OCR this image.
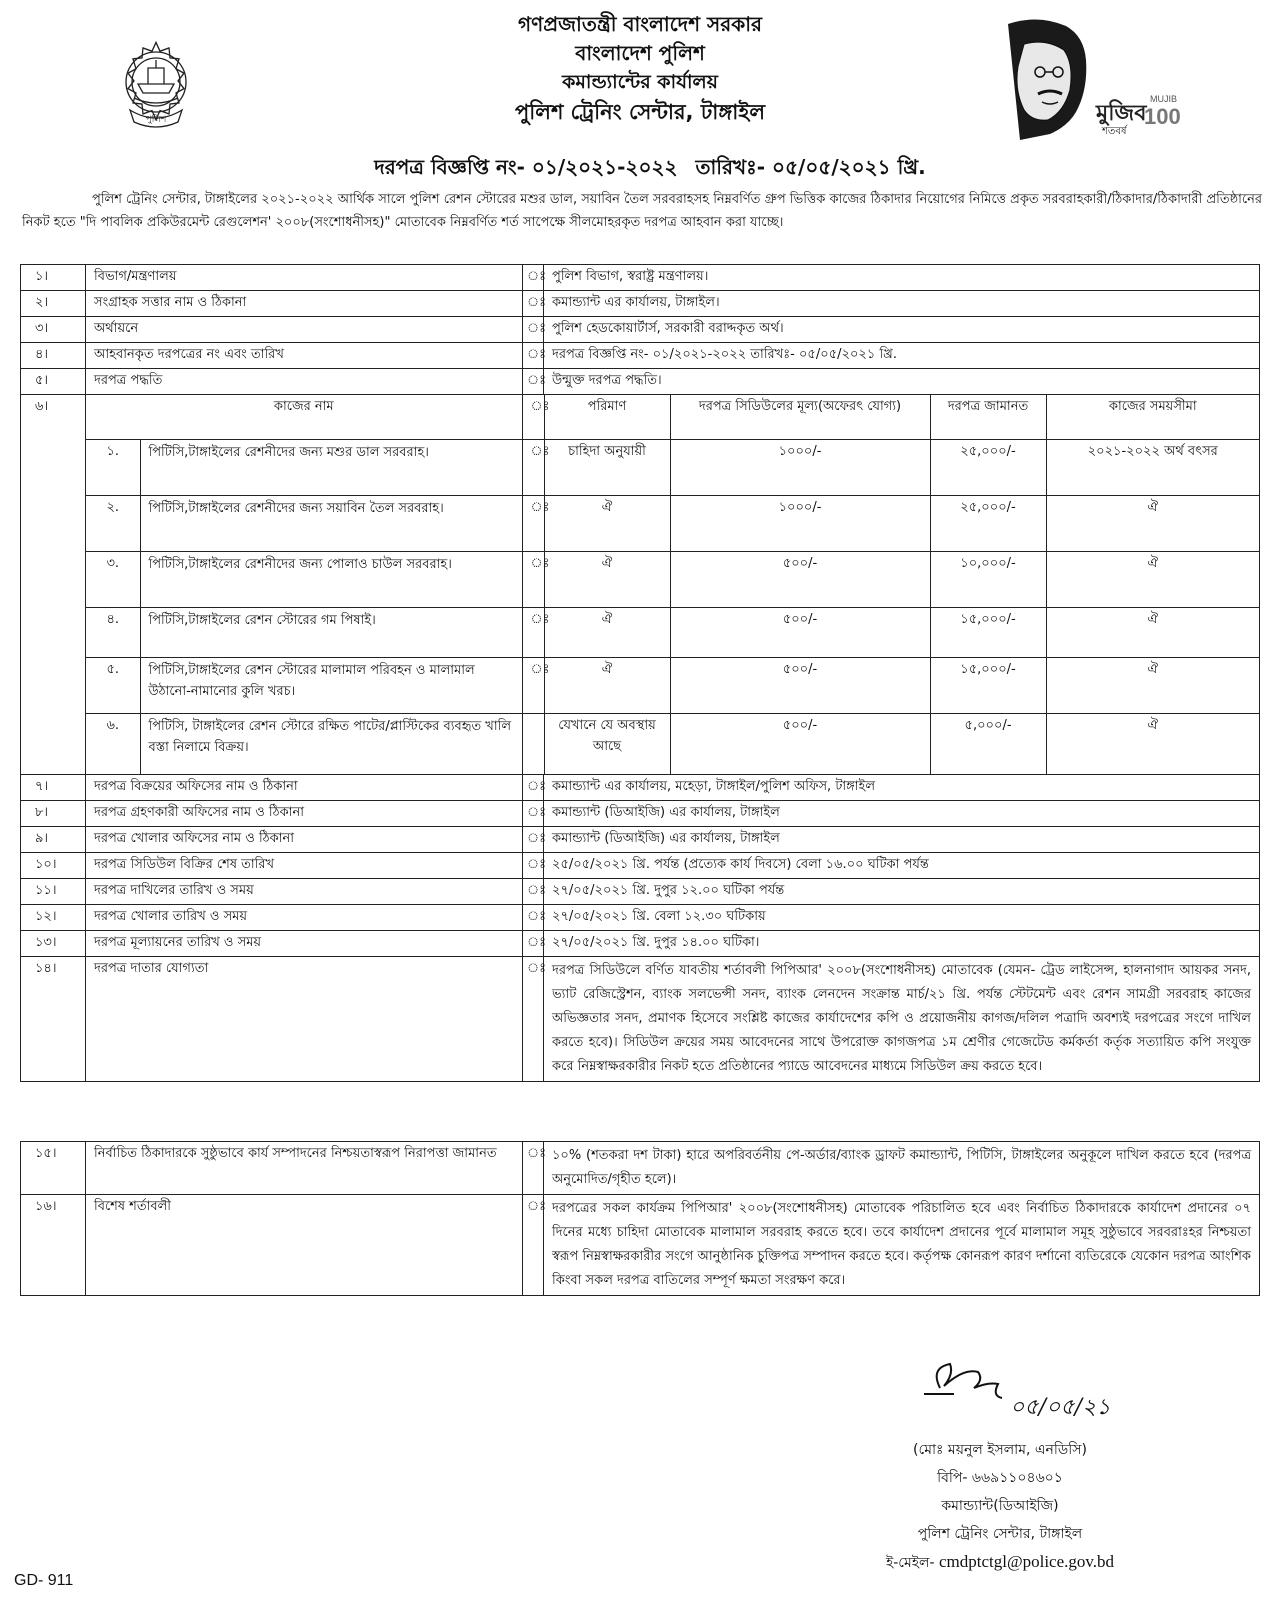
পুলিশ	মুজিব
শতবর্ষ
MUJIB
100
গণপ্রজাতন্ত্রী বাংলাদেশ সরকার
বাংলাদেশ পুলিশ
কমান্ড্যান্টের কার্যালয়
পুলিশ ট্রেনিং সেন্টার, টাঙ্গাইল
দরপত্র বিজ্ঞপ্তি নং- ০১/২০২১-২০২২ তারিখঃ- ০৫/০৫/২০২১ খ্রি.
পুলিশ ট্রেনিং সেন্টার, টাঙ্গাইলের ২০২১-২০২২ আর্থিক সালে পুলিশ রেশন স্টোরের মশুর ডাল, সয়াবিন তৈল সরবরাহসহ নিম্নবর্ণিত গ্রুপ ভিত্তিক কাজের ঠিকাদার নিয়োগের নিমিত্তে প্রকৃত সরবরাহকারী/ঠিকাদার/ঠিকাদারী প্রতিষ্ঠানের নিকট হতে "দি পাবলিক প্রকিউরমেন্ট রেগুলেশন' ২০০৮(সংশোধনীসহ)" মোতাবেক নিম্নবর্ণিত শর্ত সাপেক্ষে সীলমোহরকৃত দরপত্র আহবান করা যাচ্ছে।
১।	বিভাগ/মন্ত্রণালয়	ঃ	পুলিশ বিভাগ, স্বরাষ্ট্র মন্ত্রণালয়।
২।	সংগ্রাহক সত্তার নাম ও ঠিকানা	ঃ	কমান্ড্যান্ট এর কার্যালয়, টাঙ্গাইল।
৩।	অর্থায়নে	ঃ	পুলিশ হেডকোয়ার্টার্স, সরকারী বরাদ্দকৃত অর্থ।
৪।	আহবানকৃত দরপত্রের নং এবং তারিখ	ঃ	দরপত্র বিজ্ঞপ্তি নং- ০১/২০২১-২০২২ তারিখঃ- ০৫/০৫/২০২১ খ্রি.
৫।	দরপত্র পদ্ধতি	ঃ	উন্মুক্ত দরপত্র পদ্ধতি।
৬।		কাজের নাম	ঃ	পরিমাণ	দরপত্র সিডিউলের মূল্য(অফেরৎ যোগ্য)	দরপত্র জামানত	কাজের সময়সীমা
১.	পিটিসি,টাঙ্গাইলের রেশনীদের জন্য মশুর ডাল সরবরাহ।	ঃ	চাহিদা অনুযায়ী	১০০০/-	২৫,০০০/-	২০২১-২০২২ অর্থ বৎসর
২.	পিটিসি,টাঙ্গাইলের রেশনীদের জন্য সয়াবিন তৈল সরবরাহ।	ঃ	ঐ	১০০০/-	২৫,০০০/-	ঐ
৩.	পিটিসি,টাঙ্গাইলের রেশনীদের জন্য পোলাও চাউল সরবরাহ।	ঃ	ঐ	৫০০/-	১০,০০০/-	ঐ
৪.	পিটিসি,টাঙ্গাইলের রেশন স্টোরের গম পিষাই।	ঃ	ঐ	৫০০/-	১৫,০০০/-	ঐ
৫.	পিটিসি,টাঙ্গাইলের রেশন স্টোরের মালামাল পরিবহন ও মালামাল উঠানো-নামানোর কুলি খরচ।	ঃ	ঐ	৫০০/-	১৫,০০০/-	ঐ
৬.	পিটিসি, টাঙ্গাইলের রেশন স্টোরে রক্ষিত পাটের/প্লাস্টিকের ব্যবহৃত খালি বস্তা নিলামে বিক্রয়।		যেখানে যে অবস্থায় আছে	৫০০/-	৫,০০০/-	ঐ

৭।	দরপত্র বিক্রয়ের অফিসের নাম ও ঠিকানা	ঃ	কমান্ড্যান্ট এর কার্যালয়, মহেড়া, টাঙ্গাইল/পুলিশ অফিস, টাঙ্গাইল
৮।	দরপত্র গ্রহণকারী অফিসের নাম ও ঠিকানা	ঃ	কমান্ড্যান্ট (ডিআইজি) এর কার্যালয়, টাঙ্গাইল
৯।	দরপত্র খোলার অফিসের নাম ও ঠিকানা	ঃ	কমান্ড্যান্ট (ডিআইজি) এর কার্যালয়, টাঙ্গাইল
১০।	দরপত্র সিডিউল বিক্রির শেষ তারিখ	ঃ	২৫/০৫/২০২১ খ্রি. পর্যন্ত (প্রত্যেক কার্য দিবসে) বেলা ১৬.০০ ঘটিকা পর্যন্ত
১১।	দরপত্র দাখিলের তারিখ ও সময়	ঃ	২৭/০৫/২০২১ খ্রি. দুপুর ১২.০০ ঘটিকা পর্যন্ত
১২।	দরপত্র খোলার তারিখ ও সময়	ঃ	২৭/০৫/২০২১ খ্রি. বেলা ১২.৩০ ঘটিকায়
১৩।	দরপত্র মূল্যায়নের তারিখ ও সময়	ঃ	২৭/০৫/২০২১ খ্রি. দুপুর ১৪.০০ ঘটিকা।
১৪।	দরপত্র দাতার যোগ্যতা	ঃ	দরপত্র সিডিউলে বর্ণিত যাবতীয় শর্তাবলী পিপিআর' ২০০৮(সংশোধনীসহ) মোতাবেক (যেমন- ট্রেড লাইসেন্স, হালনাগাদ আয়কর সনদ, ভ্যাট রেজিস্ট্রেশন, ব্যাংক সলভেন্সী সনদ, ব্যাংক লেনদেন সংক্রান্ত মার্চ/২১ খ্রি. পর্যন্ত স্টেটমেন্ট এবং রেশন সামগ্রী সরবরাহ কাজের অভিজ্ঞতার সনদ, প্রমাণক হিসেবে সংশ্লিষ্ট কাজের কার্যাদেশের কপি ও প্রয়োজনীয় কাগজ/দলিল পত্রাদি অবশ্যই দরপত্রের সংগে দাখিল করতে হবে)। সিডিউল ক্রয়ের সময় আবেদনের সাথে উপরোক্ত কাগজপত্র ১ম শ্রেণীর গেজেটেড কর্মকর্তা কর্তৃক সত্যায়িত কপি সংযুক্ত করে নিম্নস্বাক্ষরকারীর নিকট হতে প্রতিষ্ঠানের প্যাডে আবেদনের মাধ্যমে সিডিউল ক্রয় করতে হবে।
১৫।	নির্বাচিত ঠিকাদারকে সুষ্ঠুভাবে কার্য সম্পাদনের নিশ্চয়তাস্বরূপ নিরাপত্তা জামানত	ঃ	১০% (শতকরা দশ টাকা) হারে অপরিবর্তনীয় পে-অর্ডার/ব্যাংক ড্রাফট কমান্ড্যান্ট, পিটিসি, টাঙ্গাইলের অনুকূলে দাখিল করতে হবে (দরপত্র অনুমোদিত/গৃহীত হলে)।
১৬।	বিশেষ শর্তাবলী	ঃ	দরপত্রের সকল কার্যক্রম পিপিআর' ২০০৮(সংশোধনীসহ) মোতাবেক পরিচালিত হবে এবং নির্বাচিত ঠিকাদারকে কার্যাদেশ প্রদানের ০৭ দিনের মধ্যে চাহিদা মোতাবেক মালামাল সরবরাহ করতে হবে। তবে কার্যাদেশ প্রদানের পূর্বে মালামাল সমূহ সুষ্ঠুভাবে সরবরাঃহর নিশ্চয়তা স্বরূপ নিম্নস্বাক্ষরকারীর সংগে আনুষ্ঠানিক চুক্তিপত্র সম্পাদন করতে হবে। কর্তৃপক্ষ কোনরূপ কারণ দর্শানো ব্যতিরেকে যেকোন দরপত্র আংশিক কিংবা সকল দরপত্র বাতিলের সম্পূর্ণ ক্ষমতা সংরক্ষণ করে।
০৫/০৫/২১
(মোঃ ময়নুল ইসলাম, এনডিসি)
বিপি- ৬৬৯১১০৪৬০১
কমান্ড্যান্ট(ডিআইজি)
পুলিশ ট্রেনিং সেন্টার, টাঙ্গাইল
ই-মেইল- cmdptctgl@police.gov.bd
GD- 911
